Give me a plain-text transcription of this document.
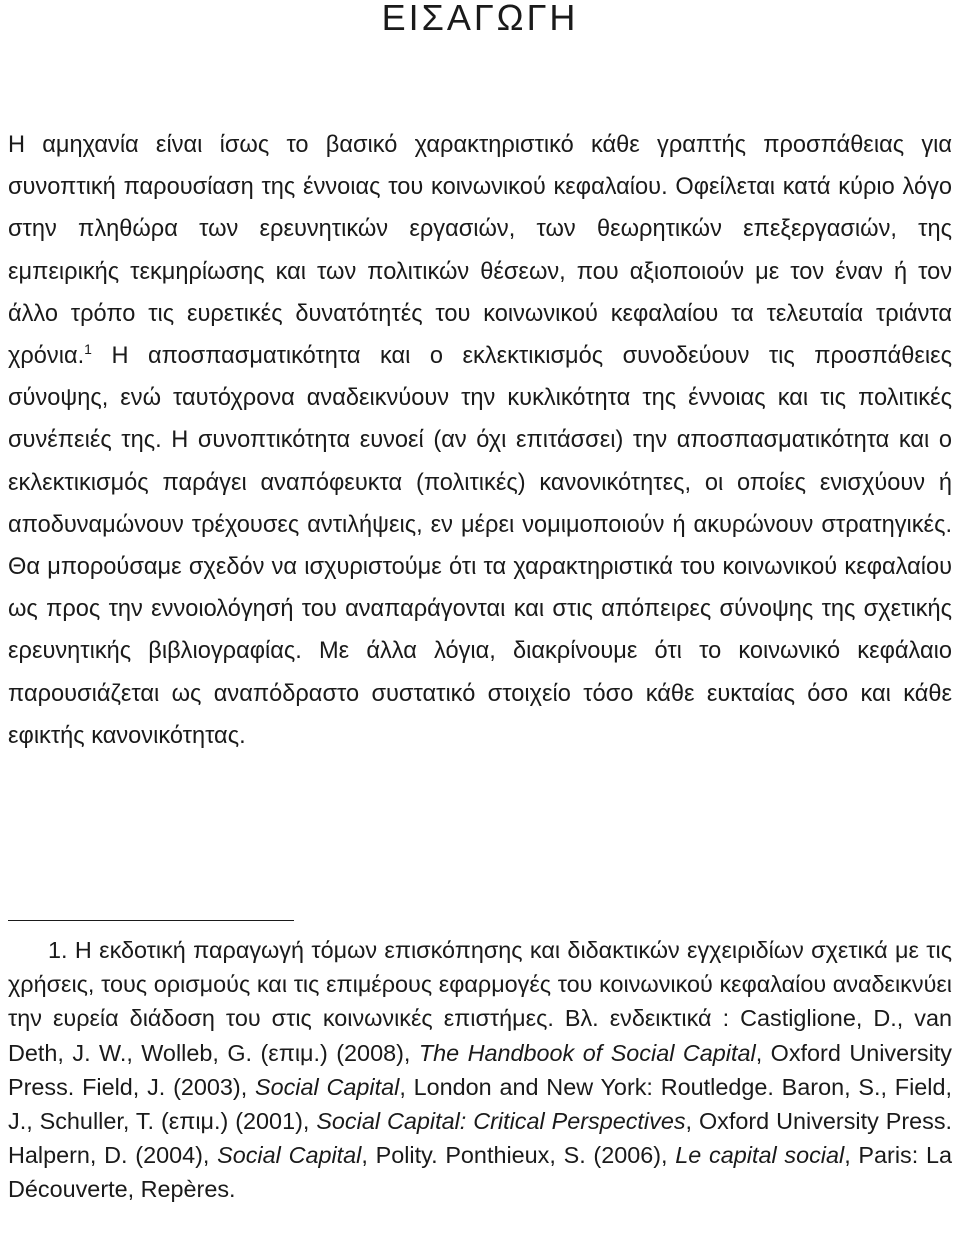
ΕΙΣΑΓΩΓΗ

Η αμηχανία είναι ίσως το βασικό χαρακτηριστικό κάθε γραπτής προσπάθειας για συνοπτική παρουσίαση της έννοιας του κοινωνικού κεφαλαίου. Οφείλεται κατά κύριο λόγο στην πληθώρα των ερευνητικών εργασιών, των θεωρητικών επεξεργασιών, της εμπειρικής τεκμηρίωσης και των πολιτικών θέσεων, που αξιοποιούν με τον έναν ή τον άλλο τρόπο τις ευρετικές δυνατότητές του κοινωνικού κεφαλαίου τα τελευταία τριάντα χρόνια.$^1$ Η αποσπασματικότητα και ο εκλεκτικισμός συνοδεύουν τις προσπάθειες σύνοψης, ενώ ταυτόχρονα αναδεικνύουν την κυκλικότητα της έννοιας και τις πολιτικές συνέπειές της. Η συνοπτικότητα ευνοεί (αν όχι επιτάσσει) την αποσπασματικότητα και ο εκλεκτικισμός παράγει αναπόφευκτα (πολιτικές) κανονικότητες, οι οποίες ενισχύουν ή αποδυναμώνουν τρέχουσες αντιλήψεις, εν μέρει νομιμοποιούν ή ακυρώνουν στρατηγικές. Θα μπορούσαμε σχεδόν να ισχυριστούμε ότι τα χαρακτηριστικά του κοινωνικού κεφαλαίου ως προς την εννοιολόγησή του αναπαράγονται και στις απόπειρες σύνοψης της σχετικής ερευνητικής βιβλιογραφίας. Με άλλα λόγια, διακρίνουμε ότι το κοινωνικό κεφάλαιο παρουσιάζεται ως αναπόδραστο συστατικό στοιχείο τόσο κάθε ευκταίας όσο και κάθε εφικτής κανονικότητας.

1. Η εκδοτική παραγωγή τόμων επισκόπησης και διδακτικών εγχειριδίων σχετικά με τις χρήσεις, τους ορισμούς και τις επιμέρους εφαρμογές του κοινωνικού κεφαλαίου αναδεικνύει την ευρεία διάδοση του στις κοινωνικές επιστήμες. Βλ. ενδεικτικά : Castiglione, D., van Deth, J. W., Wolleb, G. (επιμ.) (2008), The Handbook of Social Capital, Oxford University Press. Field, J. (2003), Social Capital, London and New York: Routledge. Baron, S., Field, J., Schuller, T. (επιμ.) (2001), Social Capital: Critical Perspectives, Oxford University Press. Halpern, D. (2004), Social Capital, Polity. Ponthieux, S. (2006), Le capital social, Paris: La Découverte, Repères.
